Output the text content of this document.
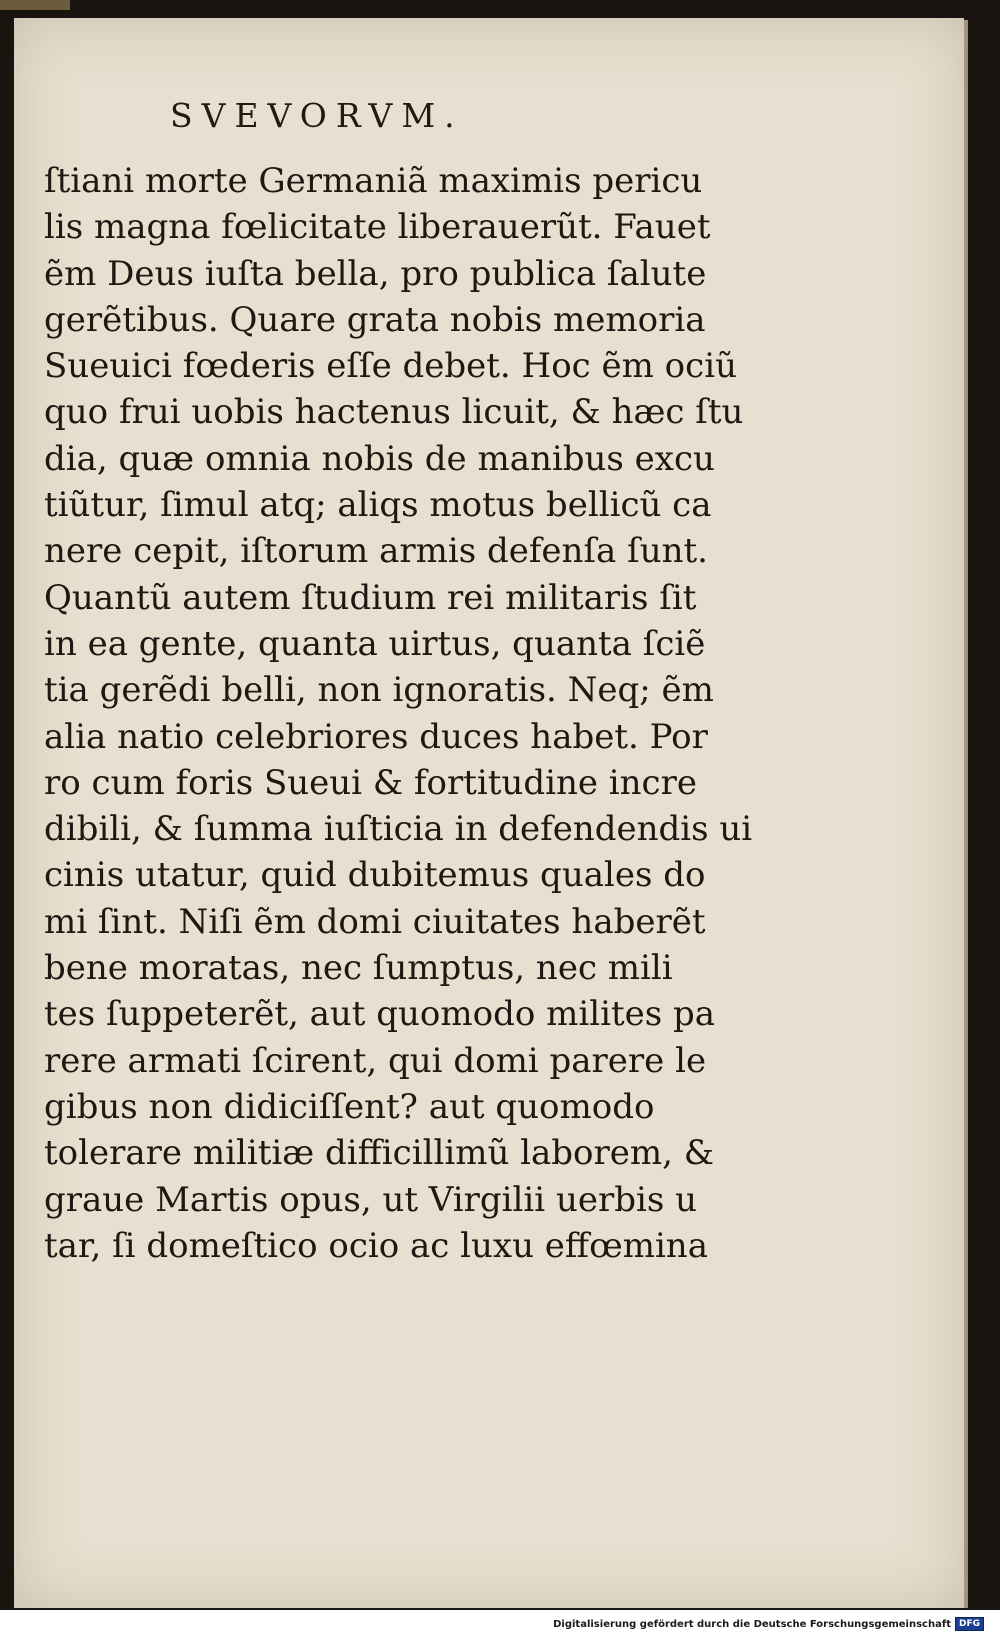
SVEVORVM.
ſtiani morte Germaniã maximis pericu
lis magna fœlicitate liberauerũt. Fauet
ẽm Deus iuſta bella, pro publica ſalute
gerẽtibus. Quare grata nobis memoria
Sueuici fœderis eſſe debet. Hoc ẽm ociũ
quo frui uobis hactenus licuit, & hæc ſtu
dia, quæ omnia nobis de manibus excu
tiũtur, ſimul atq; aliqs motus bellicũ ca
nere cepit, iſtorum armis defenſa ſunt.
Quantũ autem ſtudium rei militaris ſit
in ea gente, quanta uirtus, quanta ſciẽ
tia gerẽdi belli, non ignoratis. Neq; ẽm
alia natio celebriores duces habet. Por
ro cum foris Sueui & fortitudine incre
dibili, & ſumma iuſticia in defendendis ui
cinis utatur, quid dubitemus quales do
mi ſint. Niſi ẽm domi ciuitates haberẽt
bene moratas, nec ſumptus, nec mili
tes ſuppeterẽt, aut quomodo milites pa
rere armati ſcirent, qui domi parere le
gibus non didiciſſent? aut quomodo
tolerare militiæ difficillimũ laborem, &
graue Martis opus, ut Virgilii uerbis u
tar, ſi domeſtico ocio ac luxu effœmina
Digitalisierung gefördert durch die Deutsche Forschungsgemeinschaft DFG
